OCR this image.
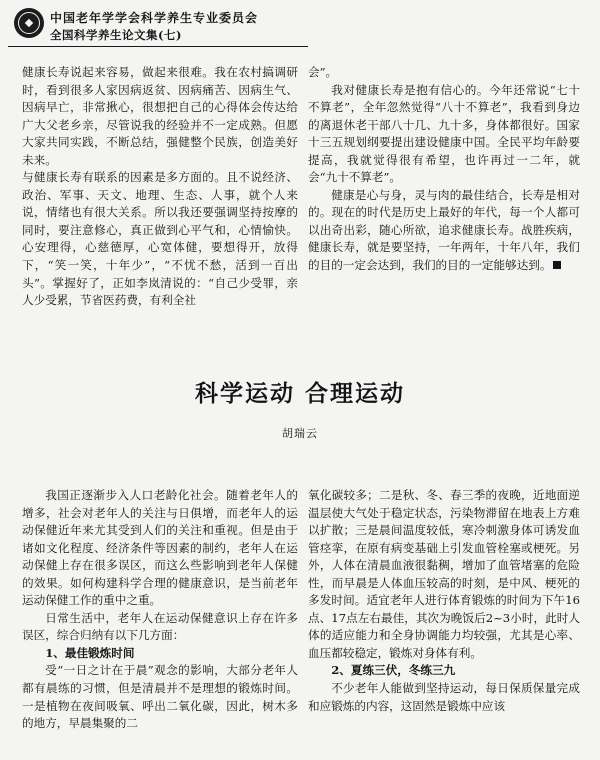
中国老年学学会科学养生专业委员会
全国科学养生论文集(七)

健康长寿说起来容易，做起来很难。我在农村搞调研时，看到很多人家因病返贫、因病痛苦、因病生气、因病早亡，非常揪心，很想把自己的心得体会传达给广大父老乡亲，尽管说我的经验并不一定成熟。但愿大家共同实践，不断总结，强健整个民族，创造美好未来。

与健康长寿有联系的因素是多方面的。且不说经济、政治、军事、天文、地理、生态、人事，就个人来说，情绪也有很大关系。所以我还要强调坚持按摩的同时，要注意修心，真正做到心平气和，心情愉快。心安理得，心慈德厚，心宽体健，要想得开，放得下，“笑一笑，十年少”，“不忧不愁，活到一百出头”。掌握好了，正如李岚清说的：“自己少受罪，亲人少受累，节省医药费，有利全社

会”。

我对健康长寿是抱有信心的。今年还常说“七十不算老”，全年忽然觉得“八十不算老”，我看到身边的离退休老干部八十几、九十多，身体都很好。国家十三五规划纲要提出建设健康中国。全民平均年龄要提高，我就觉得很有希望，也许再过一二年，就会“九十不算老”。

健康是心与身，灵与肉的最佳结合，长寿是相对的。现在的时代是历史上最好的年代，每一个人都可以出奇出彩，随心所欲，追求健康长寿。战胜疾病，健康长寿，就是要坚持，一年两年，十年八年，我们的目的一定会达到，我们的目的一定能够达到。

科学运动 合理运动
胡瑞云

我国正逐渐步入人口老龄化社会。随着老年人的增多，社会对老年人的关注与日俱增，而老年人的运动保健近年来尤其受到人们的关注和重视。但是由于诸如文化程度、经济条件等因素的制约，老年人在运动保健上存在很多误区，而这么些影响到老年人保健的效果。如何构建科学合理的健康意识，是当前老年运动保健工作的重中之重。

日常生活中，老年人在运动保健意识上存在许多误区，综合归纳有以下几方面：

1、最佳锻炼时间

受“一日之计在于晨”观念的影响，大部分老年人都有晨练的习惯，但是清晨并不是理想的锻炼时间。一是植物在夜间吸氧、呼出二氧化碳，因此，树木多的地方，早晨集聚的二

氧化碳较多；二是秋、冬、春三季的夜晚，近地面逆温层使大气处于稳定状态，污染物滞留在地表上方难以扩散；三是晨间温度较低，寒冷刺激身体可诱发血管痉挛，在原有病变基础上引发血管栓塞或梗死。另外，人体在清晨血液很黏稠，增加了血管堵塞的危险性，而早晨是人体血压较高的时刻，是中风、梗死的多发时间。适宜老年人进行体育锻炼的时间为下午16点、17点左右最佳，其次为晚饭后2~3小时，此时人体的适应能力和全身协调能力均较强，尤其是心率、血压都较稳定，锻炼对身体有利。

2、夏练三伏，冬练三九

不少老年人能做到坚持运动，每日保质保量完成和应锻炼的内容，这固然是锻炼中应该
